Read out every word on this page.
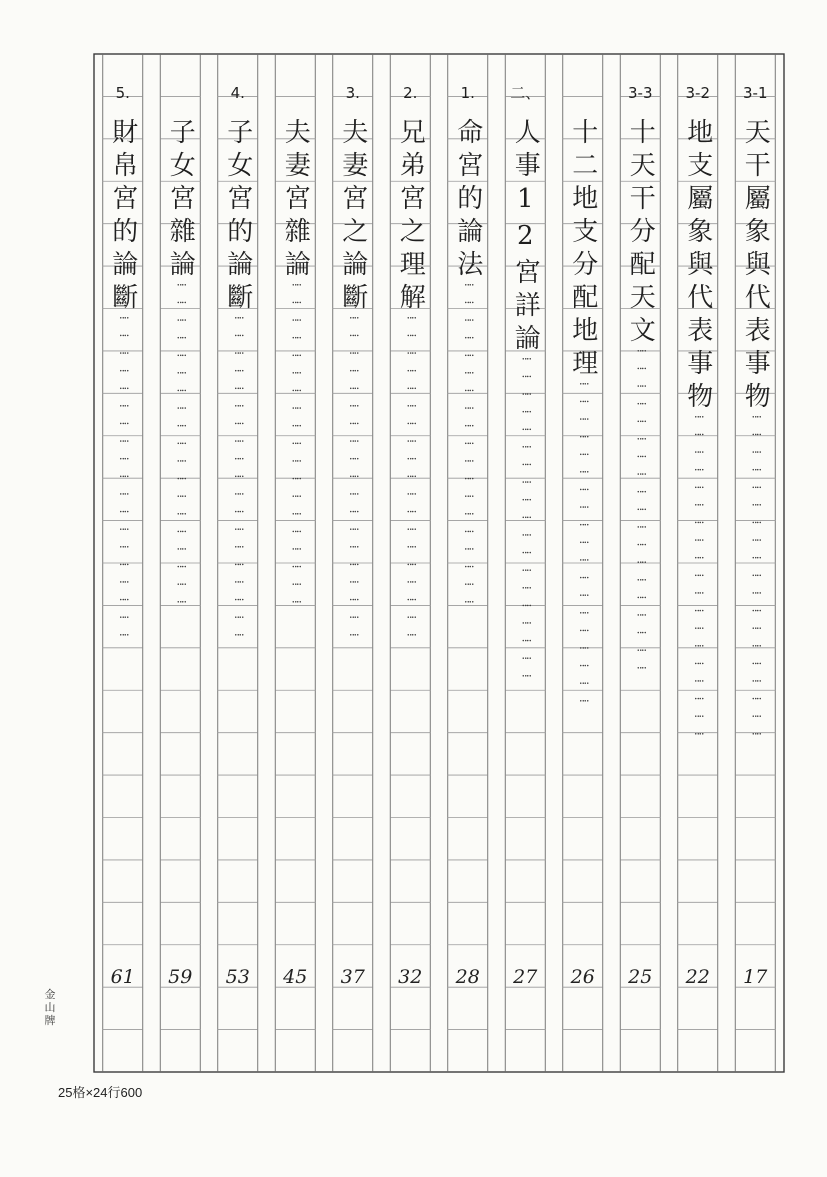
3-1
天干屬象與代表事物
⁞⁞⁞⁞⁞⁞⁞⁞⁞⁞⁞⁞⁞⁞⁞⁞⁞⁞⁞
17
3-2
地支屬象與代表事物
⁞⁞⁞⁞⁞⁞⁞⁞⁞⁞⁞⁞⁞⁞⁞⁞⁞⁞⁞
22
3-3
十天干分配天文
⁞⁞⁞⁞⁞⁞⁞⁞⁞⁞⁞⁞⁞⁞⁞⁞⁞⁞⁞
25
十二地支分配地理
⁞⁞⁞⁞⁞⁞⁞⁞⁞⁞⁞⁞⁞⁞⁞⁞⁞⁞⁞
26
二、
人事12宮詳論
⁞⁞⁞⁞⁞⁞⁞⁞⁞⁞⁞⁞⁞⁞⁞⁞⁞⁞⁞
27
1.
命宮的論法
⁞⁞⁞⁞⁞⁞⁞⁞⁞⁞⁞⁞⁞⁞⁞⁞⁞⁞⁞
28
2.
兄弟宮之理解
⁞⁞⁞⁞⁞⁞⁞⁞⁞⁞⁞⁞⁞⁞⁞⁞⁞⁞⁞
32
3.
夫妻宮之論斷
⁞⁞⁞⁞⁞⁞⁞⁞⁞⁞⁞⁞⁞⁞⁞⁞⁞⁞⁞
37
夫妻宮雜論
⁞⁞⁞⁞⁞⁞⁞⁞⁞⁞⁞⁞⁞⁞⁞⁞⁞⁞⁞
45
4.
子女宮的論斷
⁞⁞⁞⁞⁞⁞⁞⁞⁞⁞⁞⁞⁞⁞⁞⁞⁞⁞⁞
53
子女宮雜論
⁞⁞⁞⁞⁞⁞⁞⁞⁞⁞⁞⁞⁞⁞⁞⁞⁞⁞⁞
59
5.
財帛宮的論斷
⁞⁞⁞⁞⁞⁞⁞⁞⁞⁞⁞⁞⁞⁞⁞⁞⁞⁞⁞
61
金山牌
25格×24行600
